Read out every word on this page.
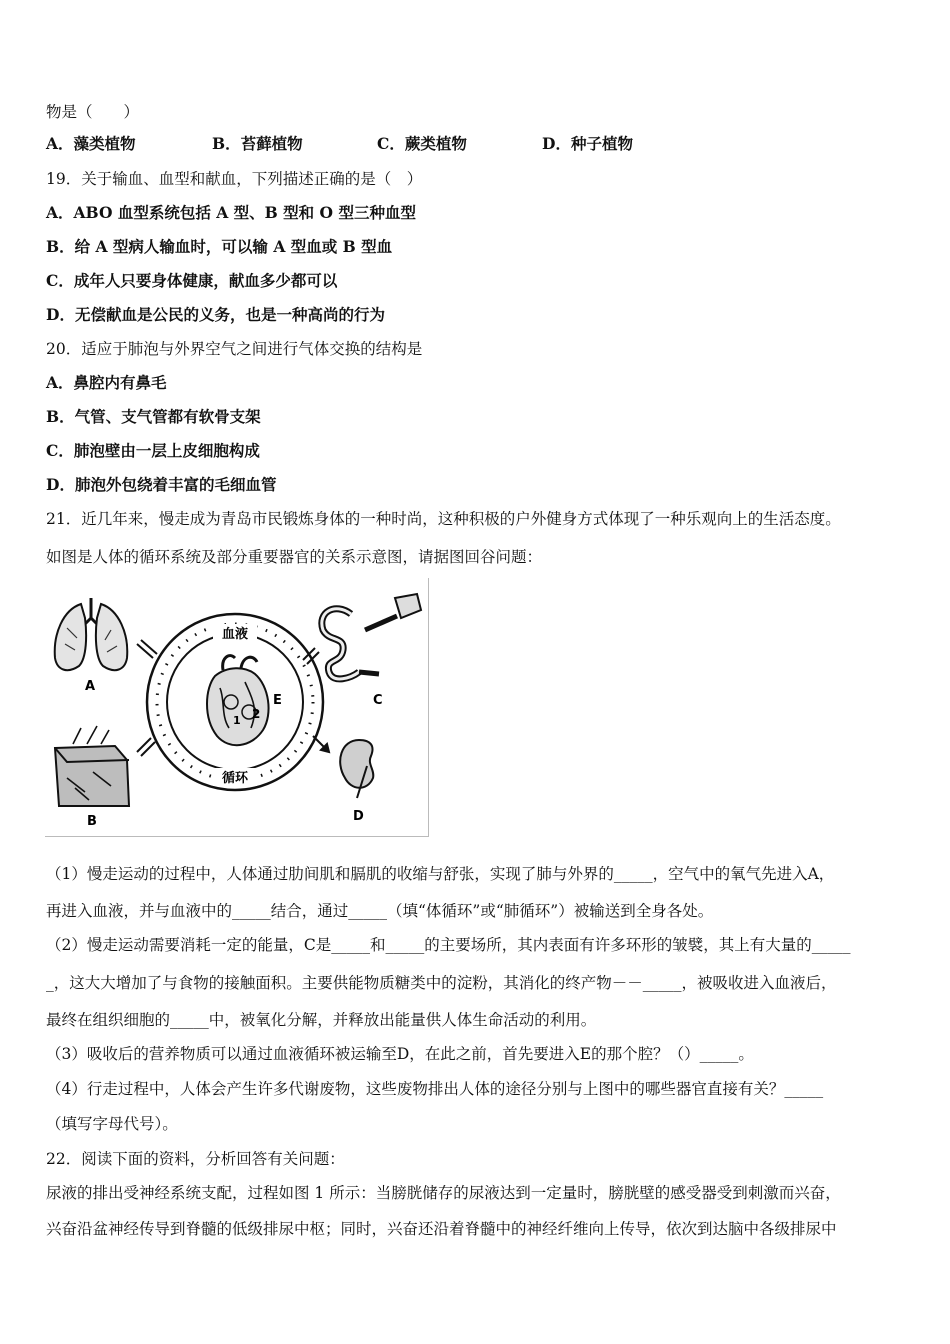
物是（　　）
A．藻类植物	B．苔藓植物	C．蕨类植物	D．种子植物
19．关于输血、血型和献血，下列描述正确的是（　）
A．ABO 血型系统包括 A 型、B 型和 O 型三种血型
B．给 A 型病人输血时，可以输 A 型血或 B 型血
C．成年人只要身体健康，献血多少都可以
D．无偿献血是公民的义务，也是一种高尚的行为
20．适应于肺泡与外界空气之间进行气体交换的结构是
A．鼻腔内有鼻毛
B．气管、支气管都有软骨支架
C．肺泡壁由一层上皮细胞构成
D．肺泡外包绕着丰富的毛细血管
21．近几年来，慢走成为青岛市民锻炼身体的一种时尚，这种积极的户外健身方式体现了一种乐观向上的生活态度。
如图是人体的循环系统及部分重要器官的关系示意图，请据图回谷问题：
血液
循环
2
1
E
A
C
B	D
（1）慢走运动的过程中，人体通过肋间肌和膈肌的收缩与舒张，实现了肺与外界的_____，空气中的氧气先进入A，
再进入血液，并与血液中的_____结合，通过_____（填“体循环”或“肺循环”）被输送到全身各处。
（2）慢走运动需要消耗一定的能量，C是_____和_____的主要场所，其内表面有许多环形的皱襞，其上有大量的_____
_，这大大增加了与食物的接触面积。主要供能物质糖类中的淀粉，其消化的终产物－－_____，被吸收进入血液后，
最终在组织细胞的_____中，被氧化分解，并释放出能量供人体生命活动的利用。
（3）吸收后的营养物质可以通过血液循环被运输至D，在此之前，首先要进入E的那个腔？（）_____。
（4）行走过程中，人体会产生许多代谢废物，这些废物排出人体的途径分别与上图中的哪些器官直接有关？_____
（填写字母代号）。
22．阅读下面的资料，分析回答有关问题：
尿液的排出受神经系统支配，过程如图 1 所示：当膀胱储存的尿液达到一定量时，膀胱壁的感受器受到刺激而兴奋，
兴奋沿盆神经传导到脊髓的低级排尿中枢；同时，兴奋还沿着脊髓中的神经纤维向上传导，依次到达脑中各级排尿中
